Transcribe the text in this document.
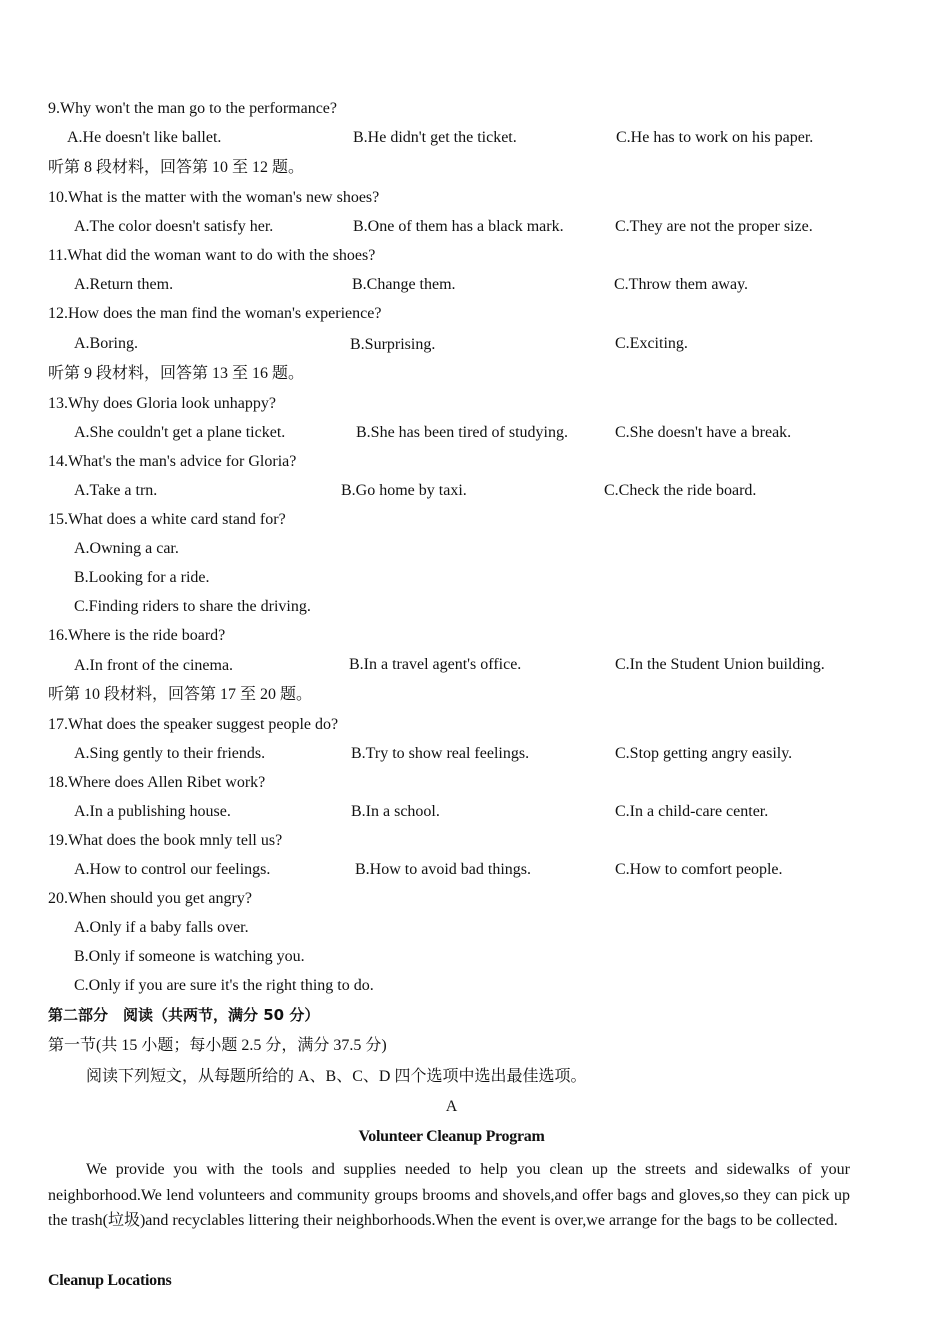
9.Why won't the man go to the performance?
A.He doesn't like ballet.	B.He didn't get the ticket.	C.He has to work on his paper.
听第 8 段材料，回答第 10 至 12 题。
10.What is the matter with the woman's new shoes?
A.The color doesn't satisfy her.	B.One of them has a black mark.	C.They are not the proper size.
11.What did the woman want to do with the shoes?
A.Return them.	B.Change them.	C.Throw them away.
12.How does the man find the woman's experience?
A.Boring.	B.Surprising.	C.Exciting.
听第 9 段材料，回答第 13 至 16 题。
13.Why does Gloria look unhappy?
A.She couldn't get a plane ticket.	B.She has been tired of studying.	C.She doesn't have a break.
14.What's the man's advice for Gloria?
A.Take a trn.	B.Go home by taxi.	C.Check the ride board.
15.What does a white card stand for?
A.Owning a car.
B.Looking for a ride.
C.Finding riders to share the driving.
16.Where is the ride board?
A.In front of the cinema.	B.In a travel agent's office.	C.In the Student Union building.
听第 10 段材料，回答第 17 至 20 题。
17.What does the speaker suggest people do?
A.Sing gently to their friends.	B.Try to show real feelings.	C.Stop getting angry easily.
18.Where does Allen Ribet work?
A.In a publishing house.	B.In a school.	C.In a child-care center.
19.What does the book mnly tell us?
A.How to control our feelings.	B.How to avoid bad things.	C.How to comfort people.
20.When should you get angry?
A.Only if a baby falls over.
B.Only if someone is watching you.
C.Only if you are sure it's the right thing to do.
第二部分　阅读（共两节，满分 50 分）
第一节(共 15 小题；每小题 2.5 分，满分 37.5 分)
阅读下列短文，从每题所给的 A、B、C、D 四个选项中选出最佳选项。
A
Volunteer Cleanup Program
We provide you with the tools and supplies needed to help you clean up the streets and sidewalks of your neighborhood.We lend volunteers and community groups brooms and shovels,and offer bags and gloves,so they can pick up the trash(垃圾)and recyclables littering their neighborhoods.When the event is over,we arrange for the bags to be collected.
Cleanup Locations
